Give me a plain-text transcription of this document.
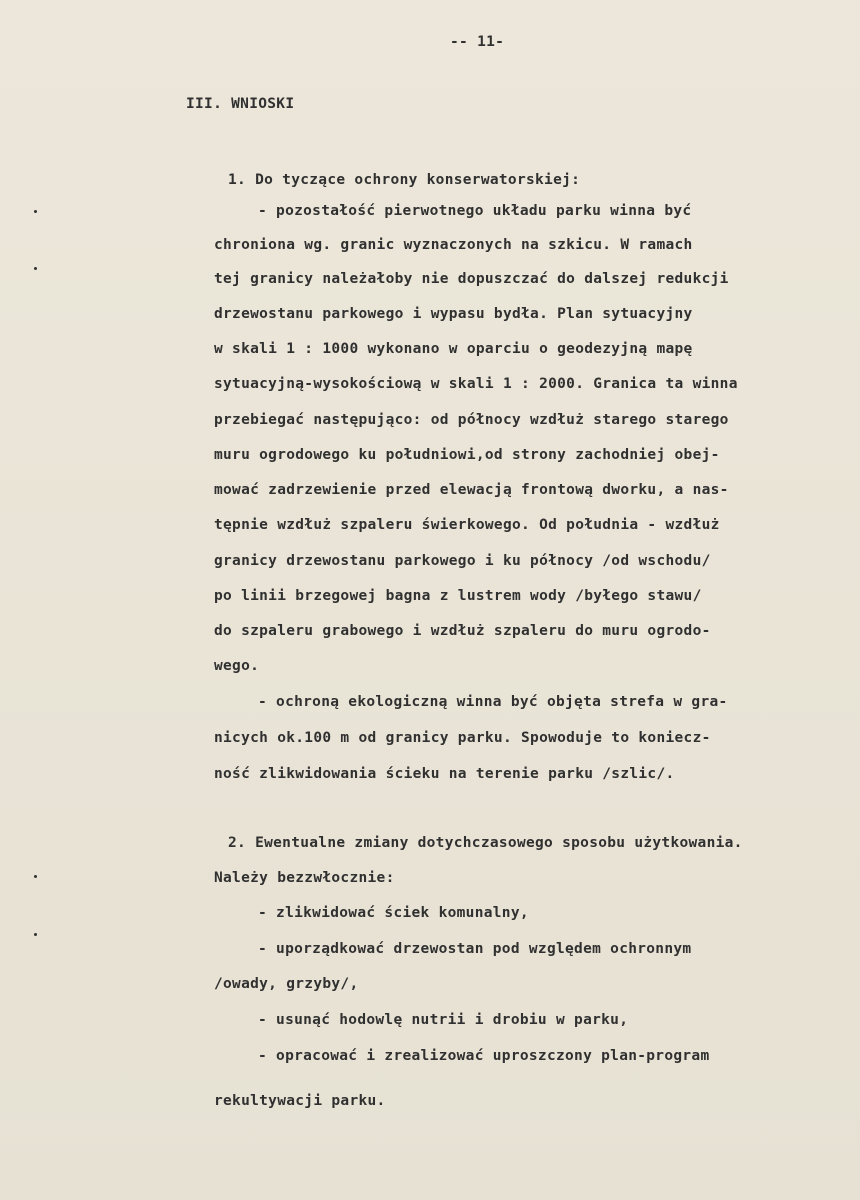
-- 11-
III. WNIOSKI
1. Do tyczące ochrony konserwatorskiej:
- pozostałość pierwotnego układu parku winna być
chroniona wg. granic wyznaczonych na szkicu. W ramach
tej granicy należałoby nie dopuszczać do dalszej redukcji
drzewostanu parkowego i wypasu bydła. Plan sytuacyjny
w skali 1 : 1000 wykonano w oparciu o geodezyjną mapę
sytuacyjną-wysokościową w skali 1 : 2000. Granica ta winna
przebiegać następująco: od północy wzdłuż starego starego
muru ogrodowego ku południowi,od strony zachodniej obej-
mować zadrzewienie przed elewacją frontową dworku, a nas-
tępnie wzdłuż szpaleru świerkowego. Od południa - wzdłuż
granicy drzewostanu parkowego i ku północy /od wschodu/
po linii brzegowej bagna z lustrem wody /byłego stawu/
do szpaleru grabowego i wzdłuż szpaleru do muru ogrodo-
wego.
- ochroną ekologiczną winna być objęta strefa w gra-
nicych ok.100 m od granicy parku. Spowoduje to koniecz-
ność zlikwidowania ścieku na terenie parku /szlic/.
2. Ewentualne zmiany dotychczasowego sposobu użytkowania.
Należy bezzwłocznie:
- zlikwidować ściek komunalny,
- uporządkować drzewostan pod względem ochronnym
/owady, grzyby/,
- usunąć hodowlę nutrii i drobiu w parku,
- opracować i zrealizować uproszczony plan-program
rekultywacji parku.
